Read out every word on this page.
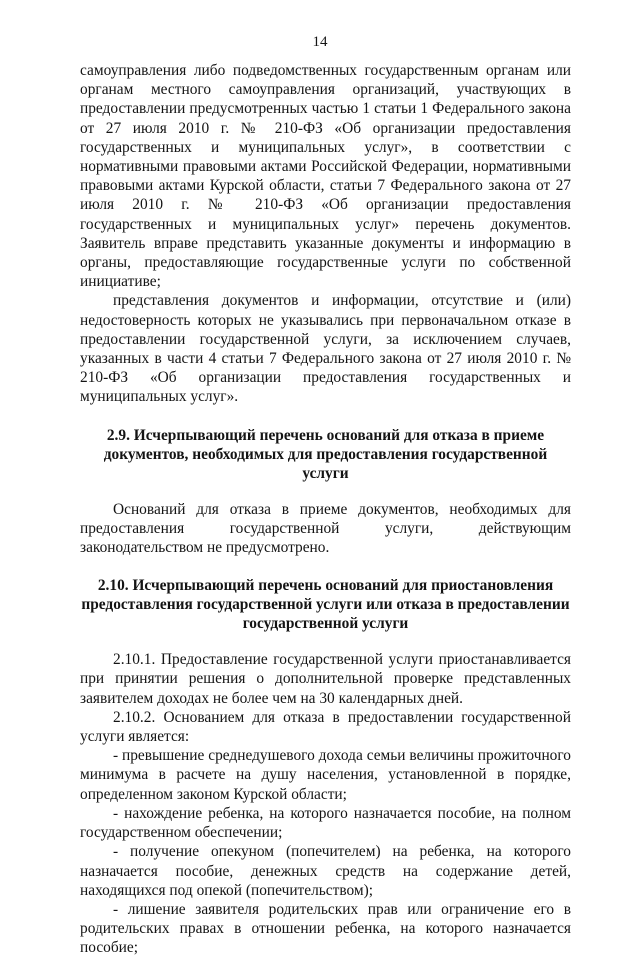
14

самоуправления либо подведомственных государственным органам или органам местного самоуправления организаций, участвующих в предоставлении предусмотренных частью 1 статьи 1 Федерального закона от 27 июля 2010 г. № 210-ФЗ «Об организации предоставления государственных и муниципальных услуг», в соответствии с нормативными правовыми актами Российской Федерации, нормативными правовыми актами Курской области, статьи 7 Федерального закона от 27 июля 2010 г. № 210-ФЗ «Об организации предоставления государственных и муниципальных услуг» перечень документов. Заявитель вправе представить указанные документы и информацию в органы, предоставляющие государственные услуги по собственной инициативе;

представления документов и информации, отсутствие и (или) недостоверность которых не указывались при первоначальном отказе в предоставлении государственной услуги, за исключением случаев, указанных в части 4 статьи 7 Федерального закона от 27 июля 2010 г. № 210-ФЗ «Об организации предоставления государственных и муниципальных услуг».

2.9. Исчерпывающий перечень оснований для отказа в приеме документов, необходимых для предоставления государственной услуги

Оснований для отказа в приеме документов, необходимых для предоставления государственной услуги, действующим законодательством не предусмотрено.

2.10. Исчерпывающий перечень оснований для приостановления предоставления государственной услуги или отказа в предоставлении государственной услуги

2.10.1. Предоставление государственной услуги приостанавливается при принятии решения о дополнительной проверке представленных заявителем доходах не более чем на 30 календарных дней.

2.10.2. Основанием для отказа в предоставлении государственной услуги является:

- превышение среднедушевого дохода семьи величины прожиточного минимума в расчете на душу населения, установленной в порядке, определенном законом Курской области;

- нахождение ребенка, на которого назначается пособие, на полном государственном обеспечении;

- получение опекуном (попечителем) на ребенка, на которого назначается пособие, денежных средств на содержание детей, находящихся под опекой (попечительством);

- лишение заявителя родительских прав или ограничение его в родительских правах в отношении ребенка, на которого назначается пособие;
